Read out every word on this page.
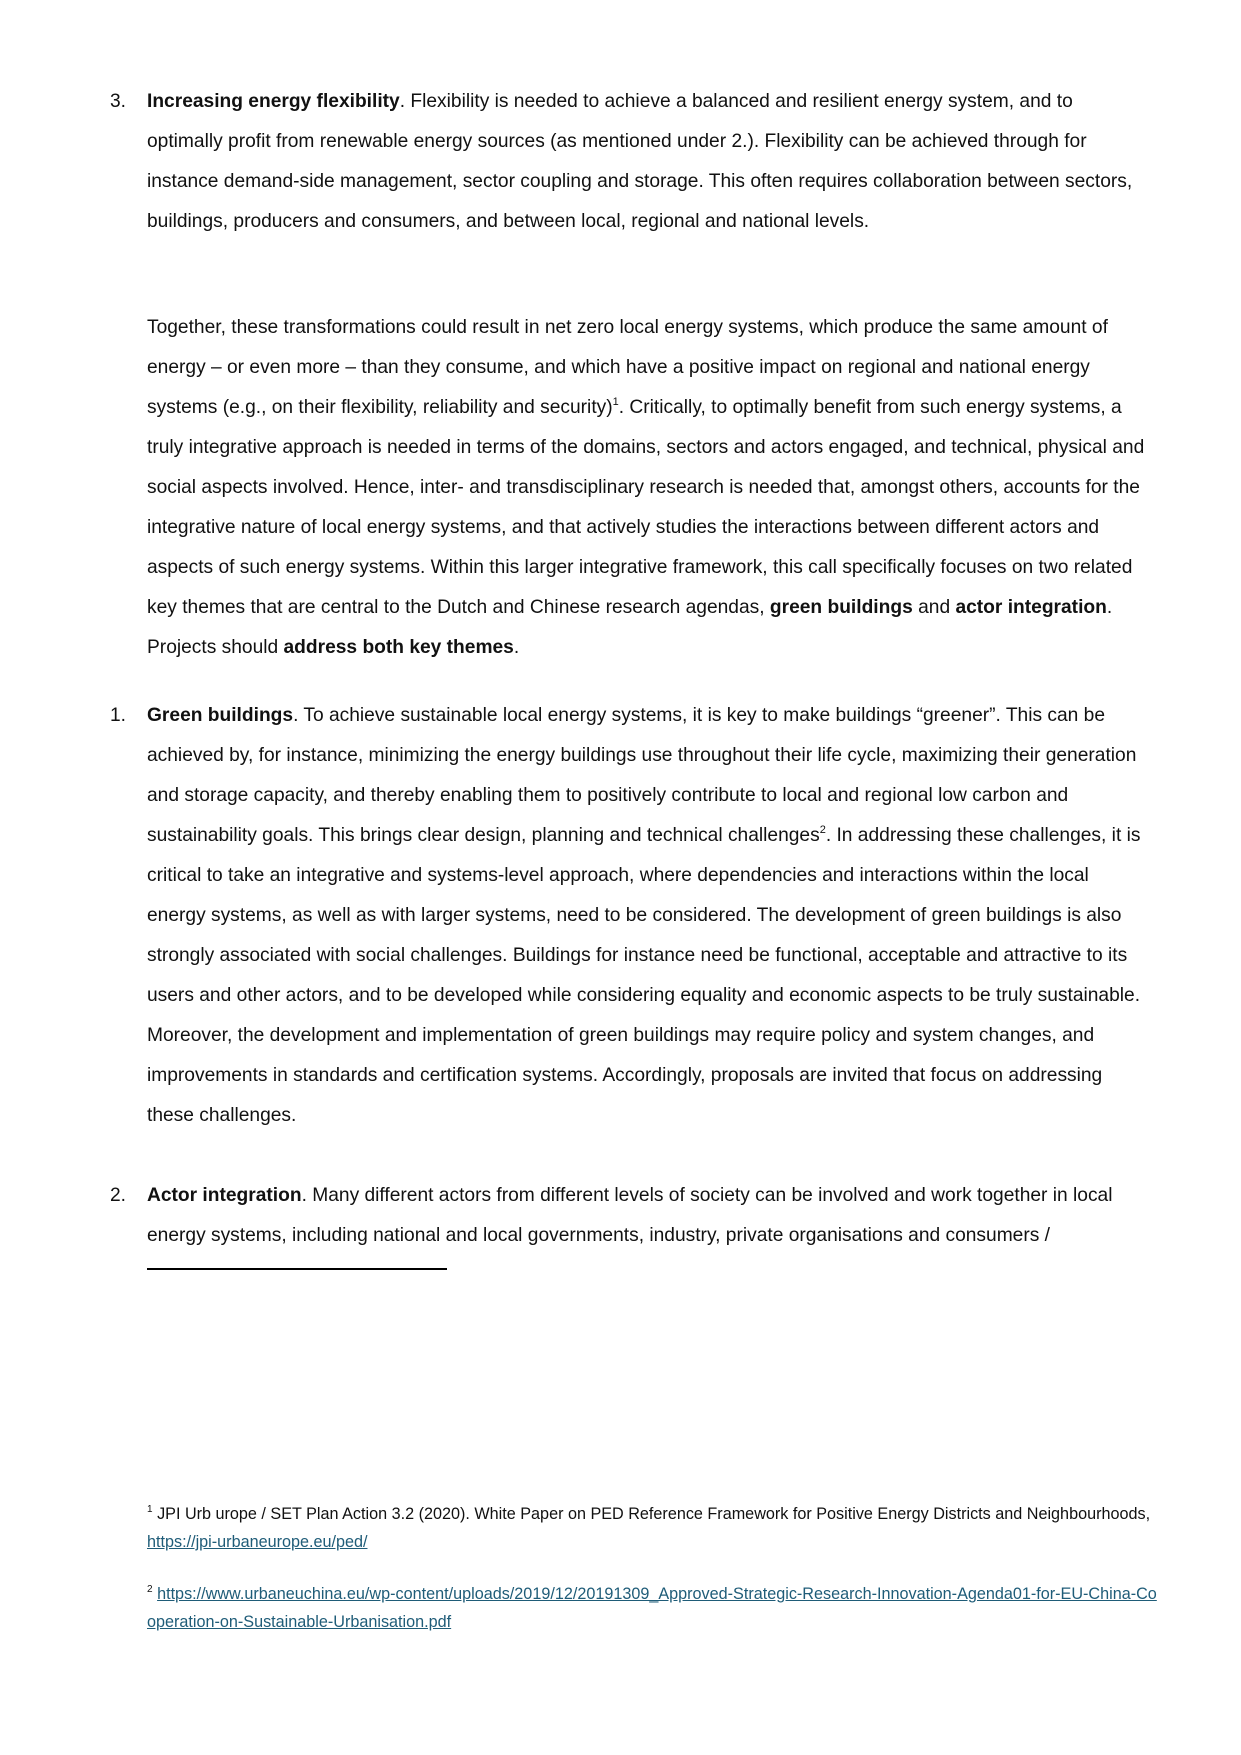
3.	Increasing energy flexibility. Flexibility is needed to achieve a balanced and resilient energy system, and to optimally profit from renewable energy sources (as mentioned under 2.). Flexibility can be achieved through for instance demand-side management, sector coupling and storage. This often requires collaboration between sectors, buildings, producers and consumers, and between local, regional and national levels.
Together, these transformations could result in net zero local energy systems, which produce the same amount of energy – or even more – than they consume, and which have a positive impact on regional and national energy systems (e.g., on their flexibility, reliability and security)$^1$. Critically, to optimally benefit from such energy systems, a truly integrative approach is needed in terms of the domains, sectors and actors engaged, and technical, physical and social aspects involved. Hence, inter- and transdisciplinary research is needed that, amongst others, accounts for the integrative nature of local energy systems, and that actively studies the interactions between different actors and aspects of such energy systems. Within this larger integrative framework, this call specifically focuses on two related key themes that are central to the Dutch and Chinese research agendas, green buildings and actor integration. Projects should address both key themes.
1.	Green buildings. To achieve sustainable local energy systems, it is key to make buildings “greener”. This can be achieved by, for instance, minimizing the energy buildings use throughout their life cycle, maximizing their generation and storage capacity, and thereby enabling them to positively contribute to local and regional low carbon and sustainability goals. This brings clear design, planning and technical challenges$^2$. In addressing these challenges, it is critical to take an integrative and systems-level approach, where dependencies and interactions within the local energy systems, as well as with larger systems, need to be considered. The development of green buildings is also strongly associated with social challenges. Buildings for instance need be functional, acceptable and attractive to its users and other actors, and to be developed while considering equality and economic aspects to be truly sustainable. Moreover, the development and implementation of green buildings may require policy and system changes, and improvements in standards and certification systems. Accordingly, proposals are invited that focus on addressing these challenges.
2.	Actor integration. Many different actors from different levels of society can be involved and work together in local energy systems, including national and local governments, industry, private organisations and consumers /
$^1$ JPI Urb urope / SET Plan Action 3.2 (2020). White Paper on PED Reference Framework for Positive Energy Districts and Neighbourhoods, https://jpi-urbaneurope.eu/ped/
$^2$ https://www.urbaneuchina.eu/wp-content/uploads/2019/12/20191309_Approved-Strategic-Research-Innovation-Agenda01-for-EU-China-Cooperation-on-Sustainable-Urbanisation.pdf
